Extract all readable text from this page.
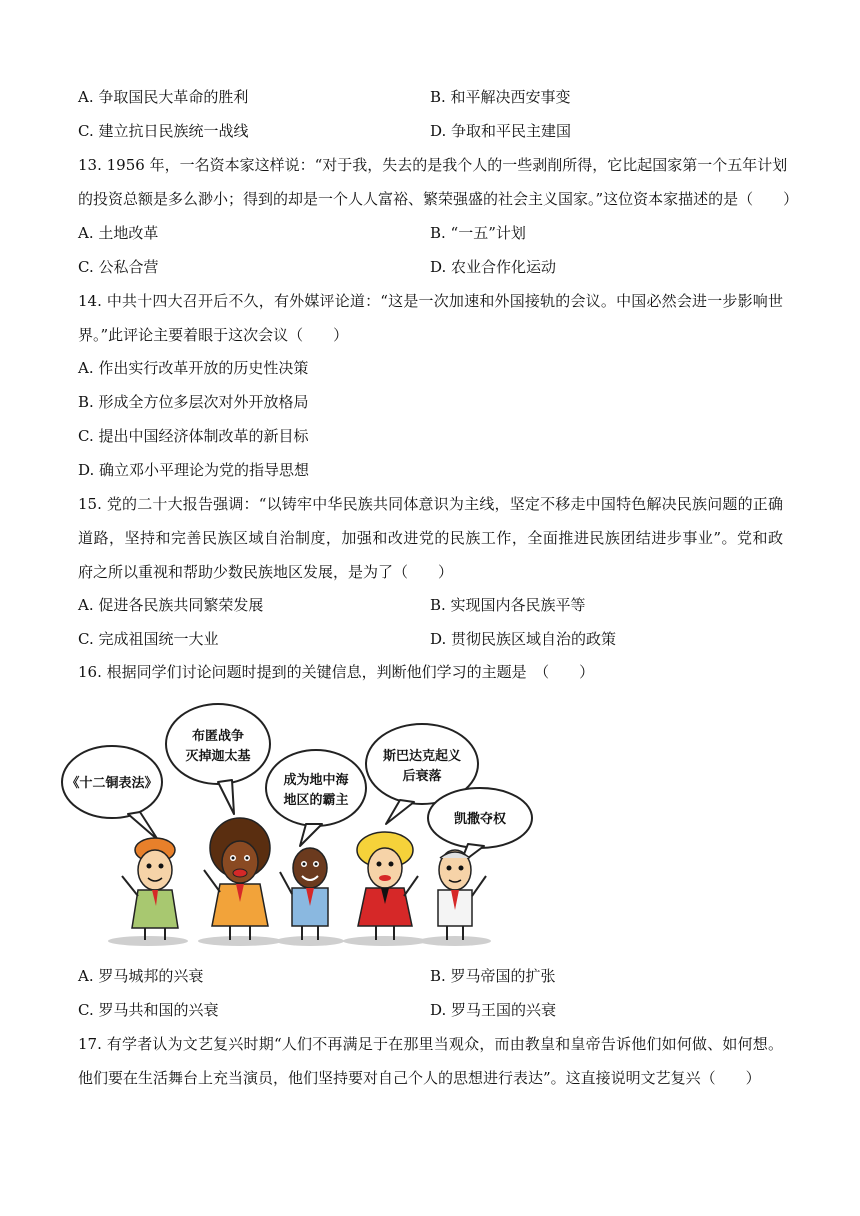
A. 争取国民大革命的胜利	B. 和平解决西安事变
C. 建立抗日民族统一战线	D. 争取和平民主建国
13. 1956 年，一名资本家这样说：“对于我，失去的是我个人的一些剥削所得，它比起国家第一个五年计划
的投资总额是多么渺小；得到的却是一个人人富裕、繁荣强盛的社会主义国家。”这位资本家描述的是（　　）
A. 土地改革	B. “一五”计划
C. 公私合营	D. 农业合作化运动
14. 中共十四大召开后不久，有外媒评论道：“这是一次加速和外国接轨的会议。中国必然会进一步影响世
界。”此评论主要着眼于这次会议（　　）
A. 作出实行改革开放的历史性决策
B. 形成全方位多层次对外开放格局
C. 提出中国经济体制改革的新目标
D. 确立邓小平理论为党的指导思想
15. 党的二十大报告强调：“以铸牢中华民族共同体意识为主线，坚定不移走中国特色解决民族问题的正确
道路，坚持和完善民族区域自治制度，加强和改进党的民族工作，全面推进民族团结进步事业”。党和政
府之所以重视和帮助少数民族地区发展，是为了（　　）
A. 促进各民族共同繁荣发展	B. 实现国内各民族平等
C. 完成祖国统一大业	D. 贯彻民族区域自治的政策
16. 根据同学们讨论问题时提到的关键信息，判断他们学习的主题是　（　　）
《十二铜表法》
布匿战争
灭掉迦太基
成为地中海
地区的霸主
斯巴达克起义
后衰落
凯撒夺权
A. 罗马城邦的兴衰	B. 罗马帝国的扩张
C. 罗马共和国的兴衰	D. 罗马王国的兴衰
17. 有学者认为文艺复兴时期“人们不再满足于在那里当观众，而由教皇和皇帝告诉他们如何做、如何想。
他们要在生活舞台上充当演员，他们坚持要对自己个人的思想进行表达”。这直接说明文艺复兴（　　）
